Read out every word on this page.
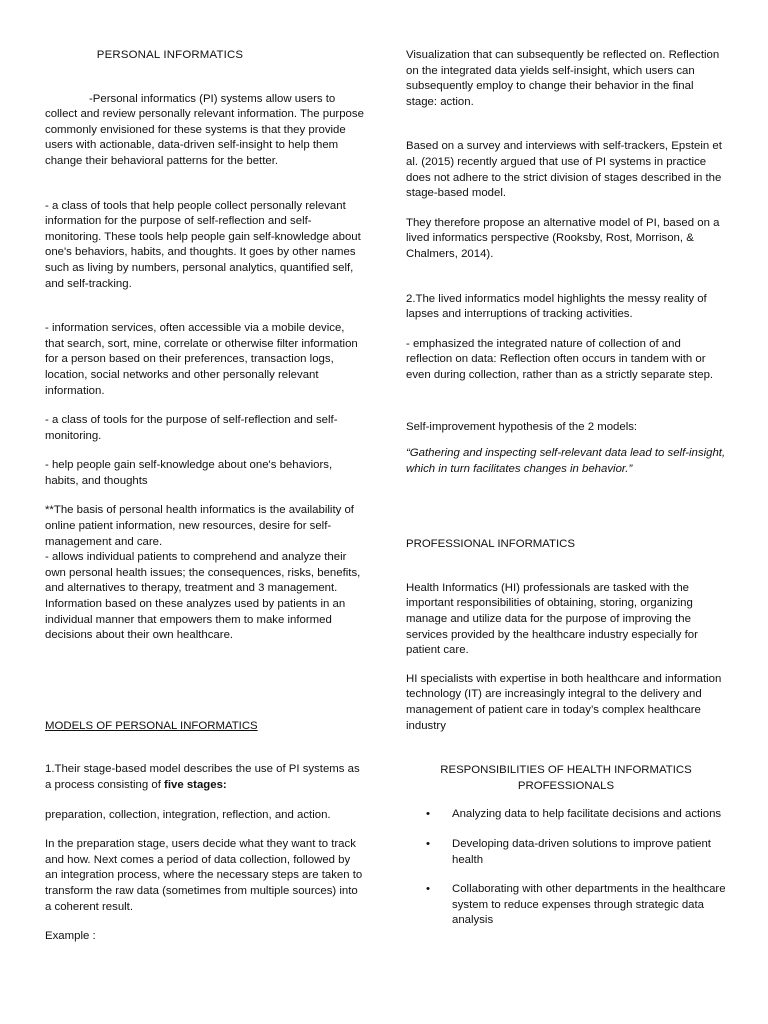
PERSONAL INFORMATICS

-Personal informatics (PI) systems allow users to collect and review personally relevant information. The purpose commonly envisioned for these systems is that they provide users with actionable, data-driven self-insight to help them change their behavioral patterns for the better.

- a class of tools that help people collect personally relevant information for the purpose of self-reflection and self-monitoring. These tools help people gain self-knowledge about one's behaviors, habits, and thoughts. It goes by other names such as living by numbers, personal analytics, quantified self, and self-tracking.

- information services, often accessible via a mobile device, that search, sort, mine, correlate or otherwise filter information for a person based on their preferences, transaction logs, location, social networks and other personally relevant information.

- a class of tools for the purpose of self-reflection and self-monitoring.

- help people gain self-knowledge about one's behaviors, habits, and thoughts

**The basis of personal health informatics is the availability of online patient information, new resources, desire for self-management and care.

- allows individual patients to comprehend and analyze their own personal health issues; the consequences, risks, benefits, and alternatives to therapy, treatment and 3 management. Information based on these analyzes used by patients in an individual manner that empowers them to make informed decisions about their own healthcare.

MODELS OF PERSONAL INFORMATICS

1.Their stage-based model describes the use of PI systems as a process consisting of five stages:

preparation, collection, integration, reflection, and action.

In the preparation stage, users decide what they want to track and how. Next comes a period of data collection, followed by an integration process, where the necessary steps are taken to transform the raw data (sometimes from multiple sources) into a coherent result.

Example :

Visualization that can subsequently be reflected on. Reflection on the integrated data yields self-insight, which users can subsequently employ to change their behavior in the final stage: action.

Based on a survey and interviews with self-trackers, Epstein et al. (2015) recently argued that use of PI systems in practice does not adhere to the strict division of stages described in the stage-based model.

They therefore propose an alternative model of PI, based on a lived informatics perspective (Rooksby, Rost, Morrison, & Chalmers, 2014).

2.The lived informatics model highlights the messy reality of lapses and interruptions of tracking activities.

- emphasized the integrated nature of collection of and reflection on data: Reflection often occurs in tandem with or even during collection, rather than as a strictly separate step.

Self-improvement hypothesis of the 2 models:

“Gathering and inspecting self-relevant data lead to self-insight, which in turn facilitates changes in behavior.”

PROFESSIONAL INFORMATICS

Health Informatics (HI) professionals are tasked with the important responsibilities of obtaining, storing, organizing manage and utilize data for the purpose of improving the services provided by the healthcare industry especially for patient care.

HI specialists with expertise in both healthcare and information technology (IT) are increasingly integral to the delivery and management of patient care in today’s complex healthcare industry

RESPONSIBILITIES OF HEALTH INFORMATICS

PROFESSIONALS

• Analyzing data to help facilitate decisions and actions
• Developing data-driven solutions to improve patient health
• Collaborating with other departments in the healthcare system to reduce expenses through strategic data analysis
